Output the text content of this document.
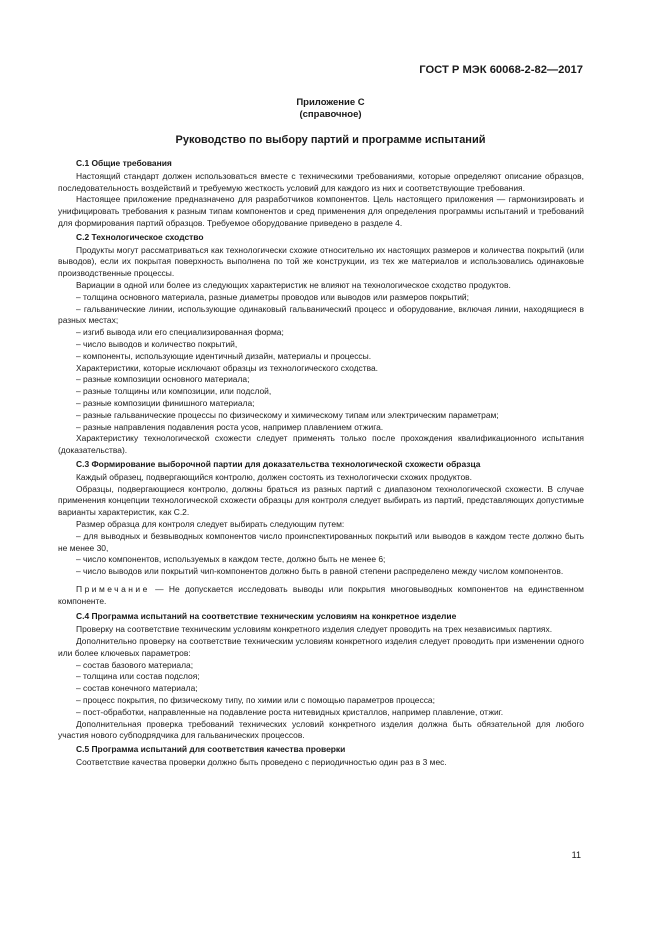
ГОСТ Р МЭК 60068-2-82—2017
Приложение С
(справочное)
Руководство по выбору партий и программе испытаний

С.1 Общие требования

Настоящий стандарт должен использоваться вместе с техническими требованиями, которые определяют описание образцов, последовательность воздействий и требуемую жесткость условий для каждого из них и соответствующие требования.

Настоящее приложение предназначено для разработчиков компонентов. Цель настоящего приложения — гармонизировать и унифицировать требования к разным типам компонентов и сред применения для определения программы испытаний и требований для формирования партий образцов. Требуемое оборудование приведено в разделе 4.

С.2 Технологическое сходство

Продукты могут рассматриваться как технологически схожие относительно их настоящих размеров и количества покрытий (или выводов), если их покрытая поверхность выполнена по той же конструкции, из тех же материалов и использовались одинаковые производственные процессы.

Вариации в одной или более из следующих характеристик не влияют на технологическое сходство продуктов.

– толщина основного материала, разные диаметры проводов или выводов или размеров покрытий;

– гальванические линии, использующие одинаковый гальванический процесс и оборудование, включая линии, находящиеся в разных местах;

– изгиб вывода или его специализированная форма;

– число выводов и количество покрытий,

– компоненты, использующие идентичный дизайн, материалы и процессы.

Характеристики, которые исключают образцы из технологического сходства.

– разные композиции основного материала;

– разные толщины или композиции, или подслой,

– разные композиции финишного материала;

– разные гальванические процессы по физическому и химическому типам или электрическим параметрам;

– разные направления подавления роста усов, например плавлением отжига.

Характеристику технологической схожести следует применять только после прохождения квалификационного испытания (доказательства).

С.3 Формирование выборочной партии для доказательства технологической схожести образца

Каждый образец, подвергающийся контролю, должен состоять из технологически схожих продуктов.

Образцы, подвергающиеся контролю, должны браться из разных партий с диапазоном технологической схожести. В случае применения концепции технологической схожести образцы для контроля следует выбирать из партий, представляющих допустимые варианты характеристик, как С.2.

Размер образца для контроля следует выбирать следующим путем:

– для выводных и безвыводных компонентов число проинспектированных покрытий или выводов в каждом тесте должно быть не менее 30,

– число компонентов, используемых в каждом тесте, должно быть не менее 6;

– число выводов или покрытий чип-компонентов должно быть в равной степени распределено между числом компонентов.

Примечание — Не допускается исследовать выводы или покрытия многовыводных компонентов на единственном компоненте.

С.4 Программа испытаний на соответствие техническим условиям на конкретное изделие

Проверку на соответствие техническим условиям конкретного изделия следует проводить на трех независимых партиях.

Дополнительно проверку на соответствие техническим условиям конкретного изделия следует проводить при изменении одного или более ключевых параметров:

– состав базового материала;

– толщина или состав подслоя;

– состав конечного материала;

– процесс покрытия, по физическому типу, по химии или с помощью параметров процесса;

– пост-обработки, направленные на подавление роста нитевидных кристаллов, например плавление, отжиг.

Дополнительная проверка требований технических условий конкретного изделия должна быть обязательной для любого участия нового субподрядчика для гальванических процессов.

С.5 Программа испытаний для соответствия качества проверки

Соответствие качества проверки должно быть проведено с периодичностью один раз в 3 мес.

11
